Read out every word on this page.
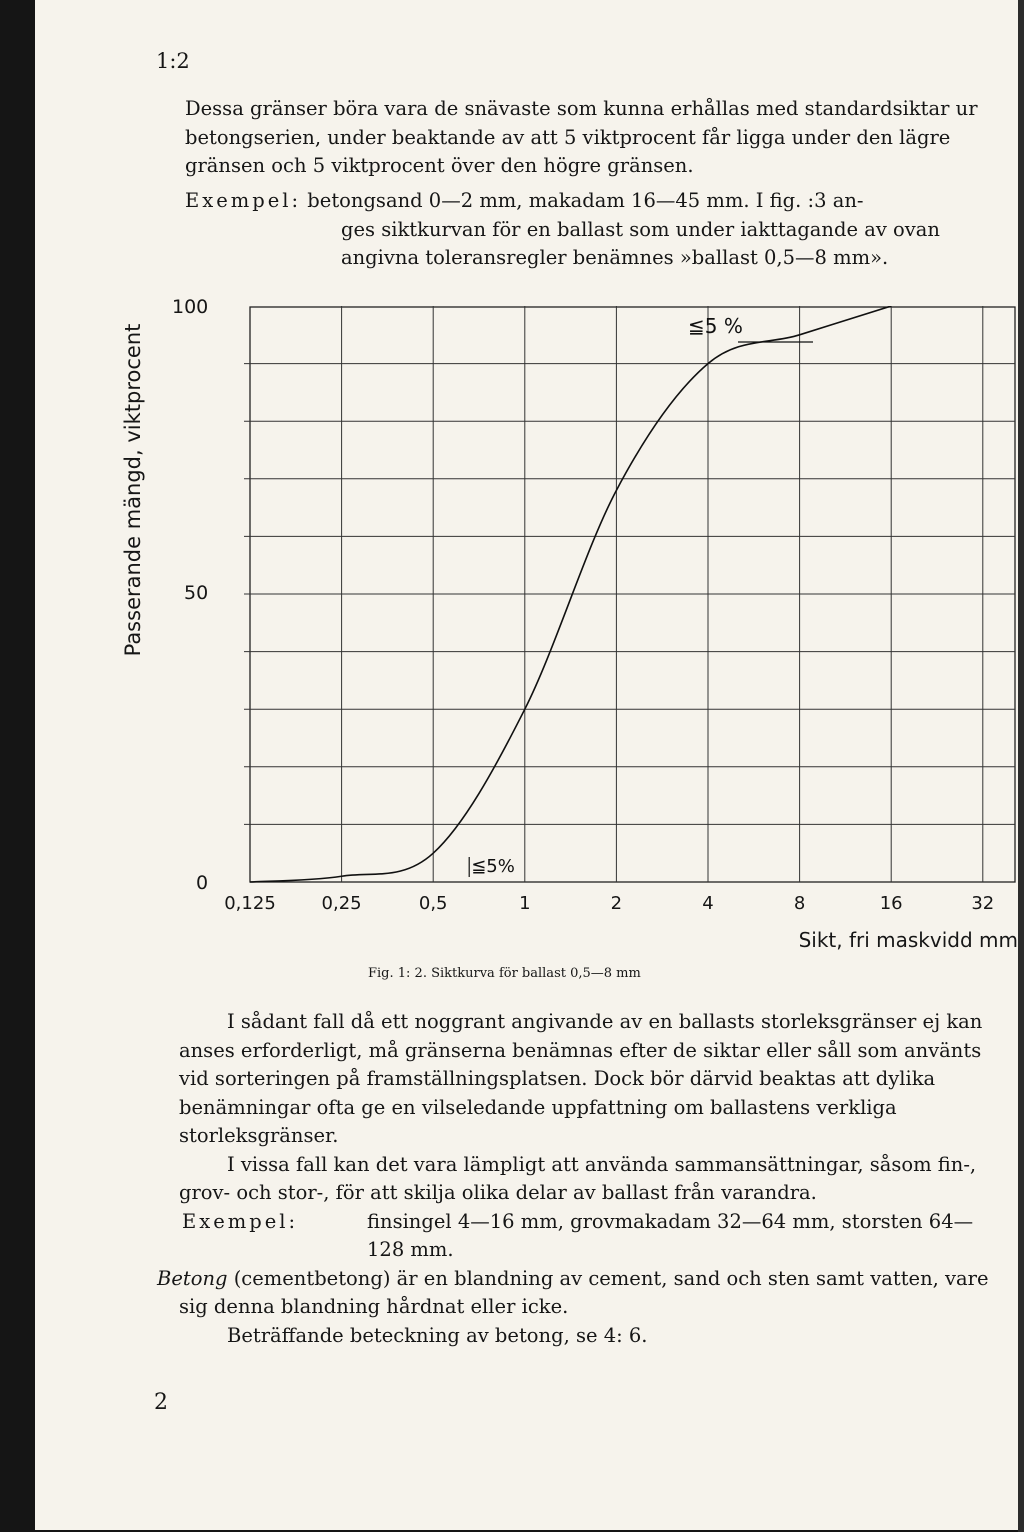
1:2

Dessa gränser böra vara de snävaste som kunna erhållas med standardsiktar ur betongserien, under beaktande av att 5 viktprocent får ligga under den lägre gränsen och 5 viktprocent över den högre gränsen.

Exempel: betongsand 0—2 mm, makadam 16—45 mm. I fig. :3 an-
ges siktkurvan för en ballast som under iakttagande av ovan angivna toleransregler benämnes »ballast 0,5—8 mm».

Passerande mängd, viktprocent
100
50
0
≦5 %
≦5%
0,125	0,25	0,5	1	2	4	8	16	32
Sikt, fri maskvidd mm
Fig. 1: 2. Siktkurva för ballast 0,5—8 mm

I sådant fall då ett noggrant angivande av en ballasts storleksgränser ej kan anses erforderligt, må gränserna benämnas efter de siktar eller såll som använts vid sorteringen på framställningsplatsen. Dock bör därvid beaktas att dylika benämningar ofta ge en vilseledande uppfattning om ballastens verkliga storleksgränser.

I vissa fall kan det vara lämpligt att använda sammansättningar, såsom fin-, grov- och stor-, för att skilja olika delar av ballast från varandra.

Exempel:	finsingel 4—16 mm, grovmakadam 32—64 mm, storsten 64—128 mm.

Betong (cementbetong) är en blandning av cement, sand och sten samt vatten, vare sig denna blandning hårdnat eller icke.

Beträffande beteckning av betong, se 4: 6.

2
